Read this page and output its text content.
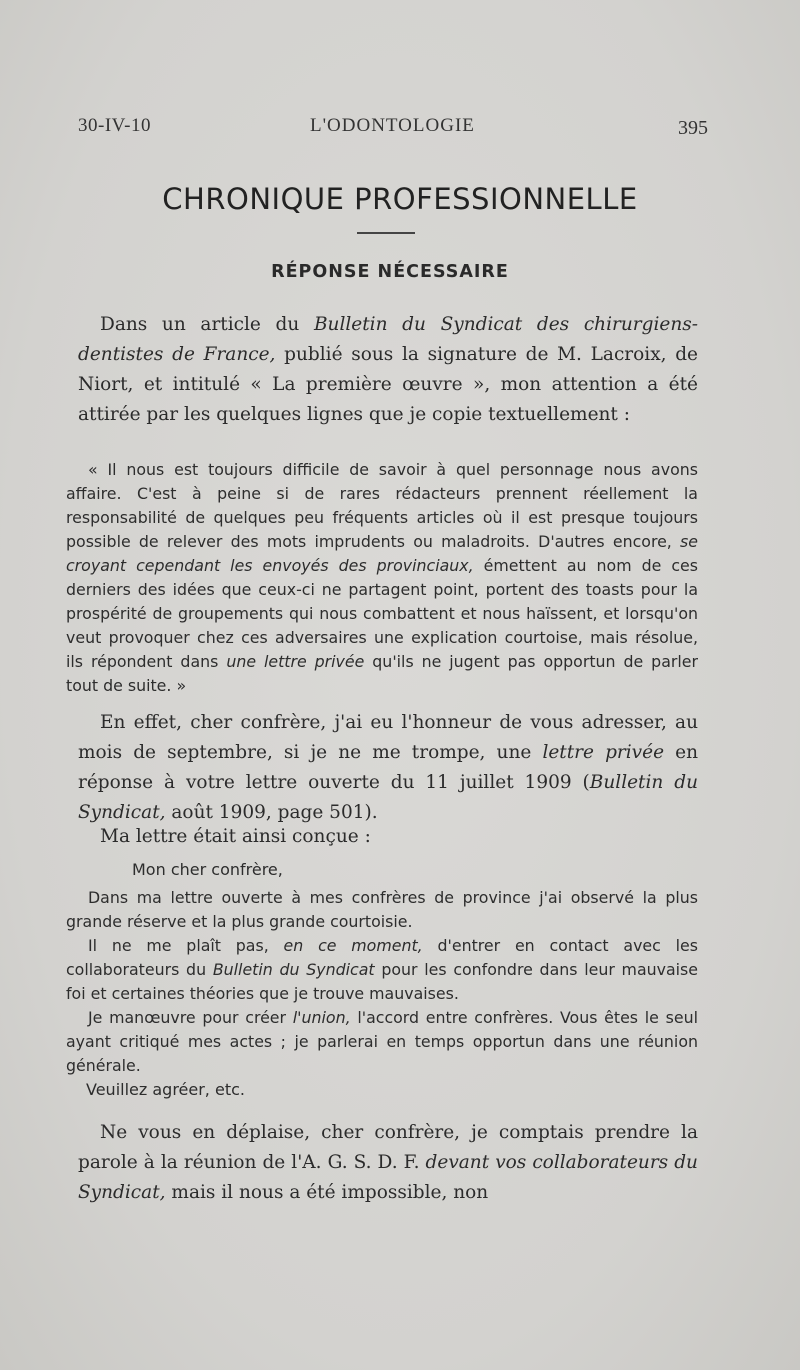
30-IV-10	L'ODONTOLOGIE	395
CHRONIQUE PROFESSIONNELLE
RÉPONSE NÉCESSAIRE

Dans un article du Bulletin du Syndicat des chirurgiens-dentistes de France, publié sous la signature de M. Lacroix, de Niort, et intitulé « La première œuvre », mon attention a été attirée par les quelques lignes que je copie textuellement :

« Il nous est toujours difficile de savoir à quel personnage nous avons affaire. C'est à peine si de rares rédacteurs prennent réellement la responsabilité de quelques peu fréquents articles où il est presque toujours possible de relever des mots imprudents ou maladroits. D'autres encore, se croyant cependant les envoyés des provinciaux, émettent au nom de ces derniers des idées que ceux-ci ne partagent point, portent des toasts pour la prospérité de groupements qui nous combattent et nous haïssent, et lorsqu'on veut provoquer chez ces adversaires une explication courtoise, mais résolue, ils répondent dans une lettre privée qu'ils ne jugent pas opportun de parler tout de suite. »

En effet, cher confrère, j'ai eu l'honneur de vous adresser, au mois de septembre, si je ne me trompe, une lettre privée en réponse à votre lettre ouverte du 11 juillet 1909 (Bulletin du Syndicat, août 1909, page 501).

Ma lettre était ainsi conçue :

Mon cher confrère,

Dans ma lettre ouverte à mes confrères de province j'ai observé la plus grande réserve et la plus grande courtoisie.

Il ne me plaît pas, en ce moment, d'entrer en contact avec les collaborateurs du Bulletin du Syndicat pour les confondre dans leur mauvaise foi et certaines théories que je trouve mauvaises.

Je manœuvre pour créer l'union, l'accord entre confrères. Vous êtes le seul ayant critiqué mes actes ; je parlerai en temps opportun dans une réunion générale.

Veuillez agréer, etc.

Ne vous en déplaise, cher confrère, je comptais prendre la parole à la réunion de l'A. G. S. D. F. devant vos collaborateurs du Syndicat, mais il nous a été impossible, non
